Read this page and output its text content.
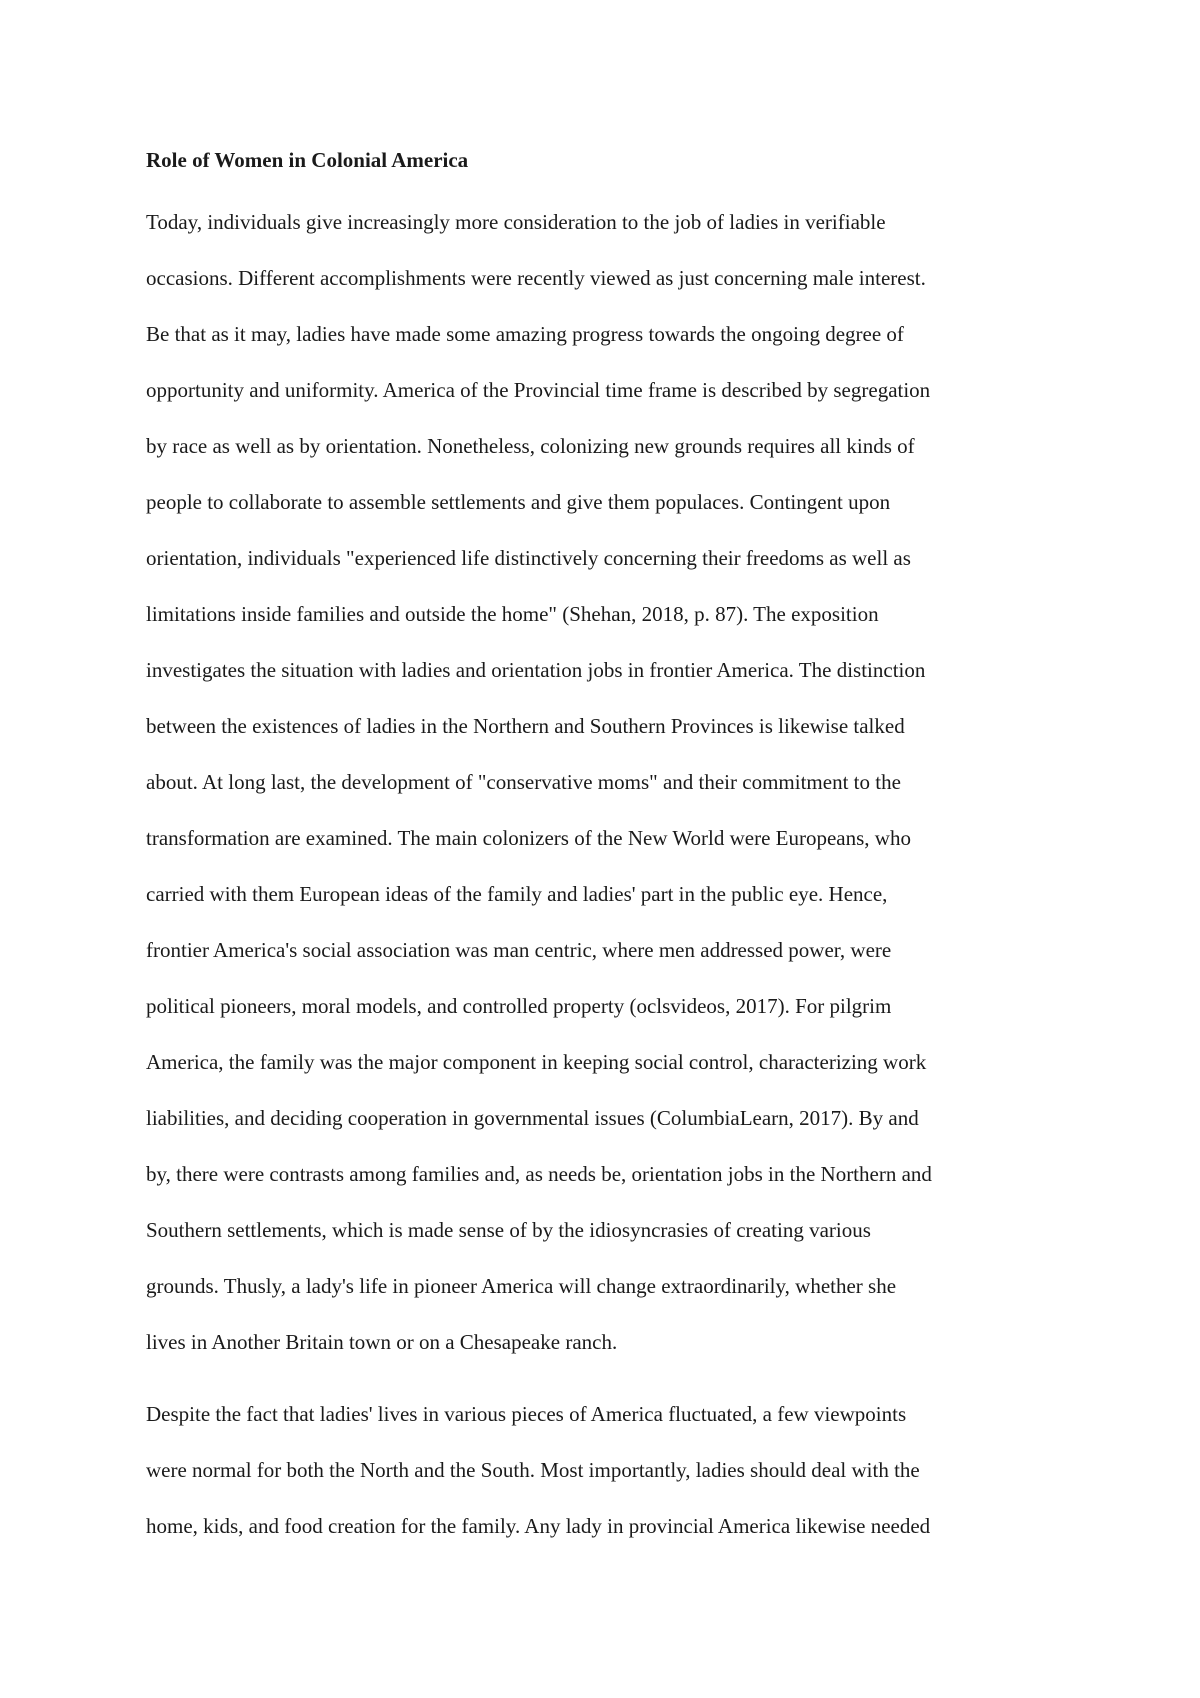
Role of Women in Colonial America

Today, individuals give increasingly more consideration to the job of ladies in verifiable
occasions. Different accomplishments were recently viewed as just concerning male interest.
Be that as it may, ladies have made some amazing progress towards the ongoing degree of
opportunity and uniformity. America of the Provincial time frame is described by segregation
by race as well as by orientation. Nonetheless, colonizing new grounds requires all kinds of
people to collaborate to assemble settlements and give them populaces. Contingent upon
orientation, individuals "experienced life distinctively concerning their freedoms as well as
limitations inside families and outside the home" (Shehan, 2018, p. 87). The exposition
investigates the situation with ladies and orientation jobs in frontier America. The distinction
between the existences of ladies in the Northern and Southern Provinces is likewise talked
about. At long last, the development of "conservative moms" and their commitment to the
transformation are examined. The main colonizers of the New World were Europeans, who
carried with them European ideas of the family and ladies' part in the public eye. Hence,
frontier America's social association was man centric, where men addressed power, were
political pioneers, moral models, and controlled property (oclsvideos, 2017). For pilgrim
America, the family was the major component in keeping social control, characterizing work
liabilities, and deciding cooperation in governmental issues (ColumbiaLearn, 2017). By and
by, there were contrasts among families and, as needs be, orientation jobs in the Northern and
Southern settlements, which is made sense of by the idiosyncrasies of creating various
grounds. Thusly, a lady's life in pioneer America will change extraordinarily, whether she
lives in Another Britain town or on a Chesapeake ranch.

Despite the fact that ladies' lives in various pieces of America fluctuated, a few viewpoints
were normal for both the North and the South. Most importantly, ladies should deal with the
home, kids, and food creation for the family. Any lady in provincial America likewise needed
